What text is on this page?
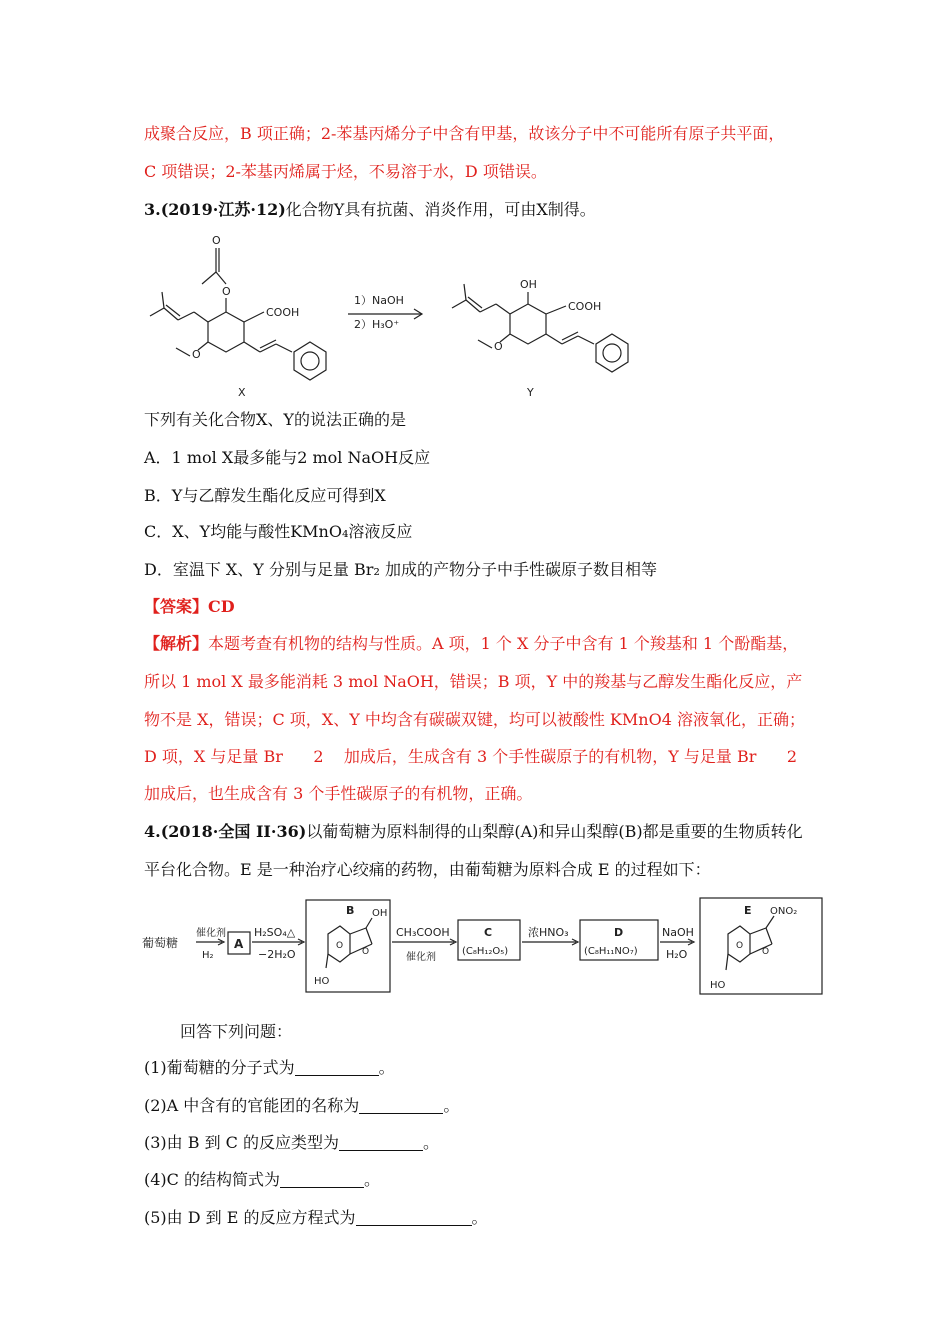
成聚合反应，B 项正确；2-苯基丙烯分子中含有甲基，故该分子中不可能所有原子共平面，
C 项错误；2-苯基丙烯属于烃，不易溶于水，D 项错误。
3.(2019·江苏·12)化合物Y具有抗菌、消炎作用，可由X制得。
O
O
COOH
O
X
1）NaOH
2）H₃O⁺
OH
COOH
O
Y
下列有关化合物X、Y的说法正确的是
A．1 mol X最多能与2 mol NaOH反应
B．Y与乙醇发生酯化反应可得到X
C．X、Y均能与酸性KMnO₄溶液反应
D．室温下 X、Y 分别与足量 Br₂ 加成的产物分子中手性碳原子数目相等
【答案】CD
【解析】本题考查有机物的结构与性质。A 项，1 个 X 分子中含有 1 个羧基和 1 个酚酯基，
所以 1 mol X 最多能消耗 3 mol NaOH，错误；B 项，Y 中的羧基与乙醇发生酯化反应，产
物不是 X，错误；C 项，X、Y 中均含有碳碳双键，均可以被酸性 KMnO4 溶液氧化，正确；
D 项，X 与足量 Br      2    加成后，生成含有 3 个手性碳原子的有机物，Y 与足量 Br      2
加成后，也生成含有 3 个手性碳原子的有机物，正确。
4.(2018·全国 II·36)以葡萄糖为原料制得的山梨醇(A)和异山梨醇(B)都是重要的生物质转化
平台化合物。E 是一种治疗心绞痛的药物，由葡萄糖为原料合成 E 的过程如下：
葡萄糖
催化剂
H₂
A
H₂SO₄△
−2H₂O
B OH
HO
O
O
CH₃COOH
催化剂
C
(C₈H₁₂O₅)
浓HNO₃	D
(C₈H₁₁NO₇)
NaOH
H₂O
E ONO₂
HO
O
O
回答下列问题：
(1)葡萄糖的分子式为	。
(2)A 中含有的官能团的名称为	。
(3)由 B 到 C 的反应类型为	。
(4)C 的结构简式为	。
(5)由 D 到 E 的反应方程式为	。
